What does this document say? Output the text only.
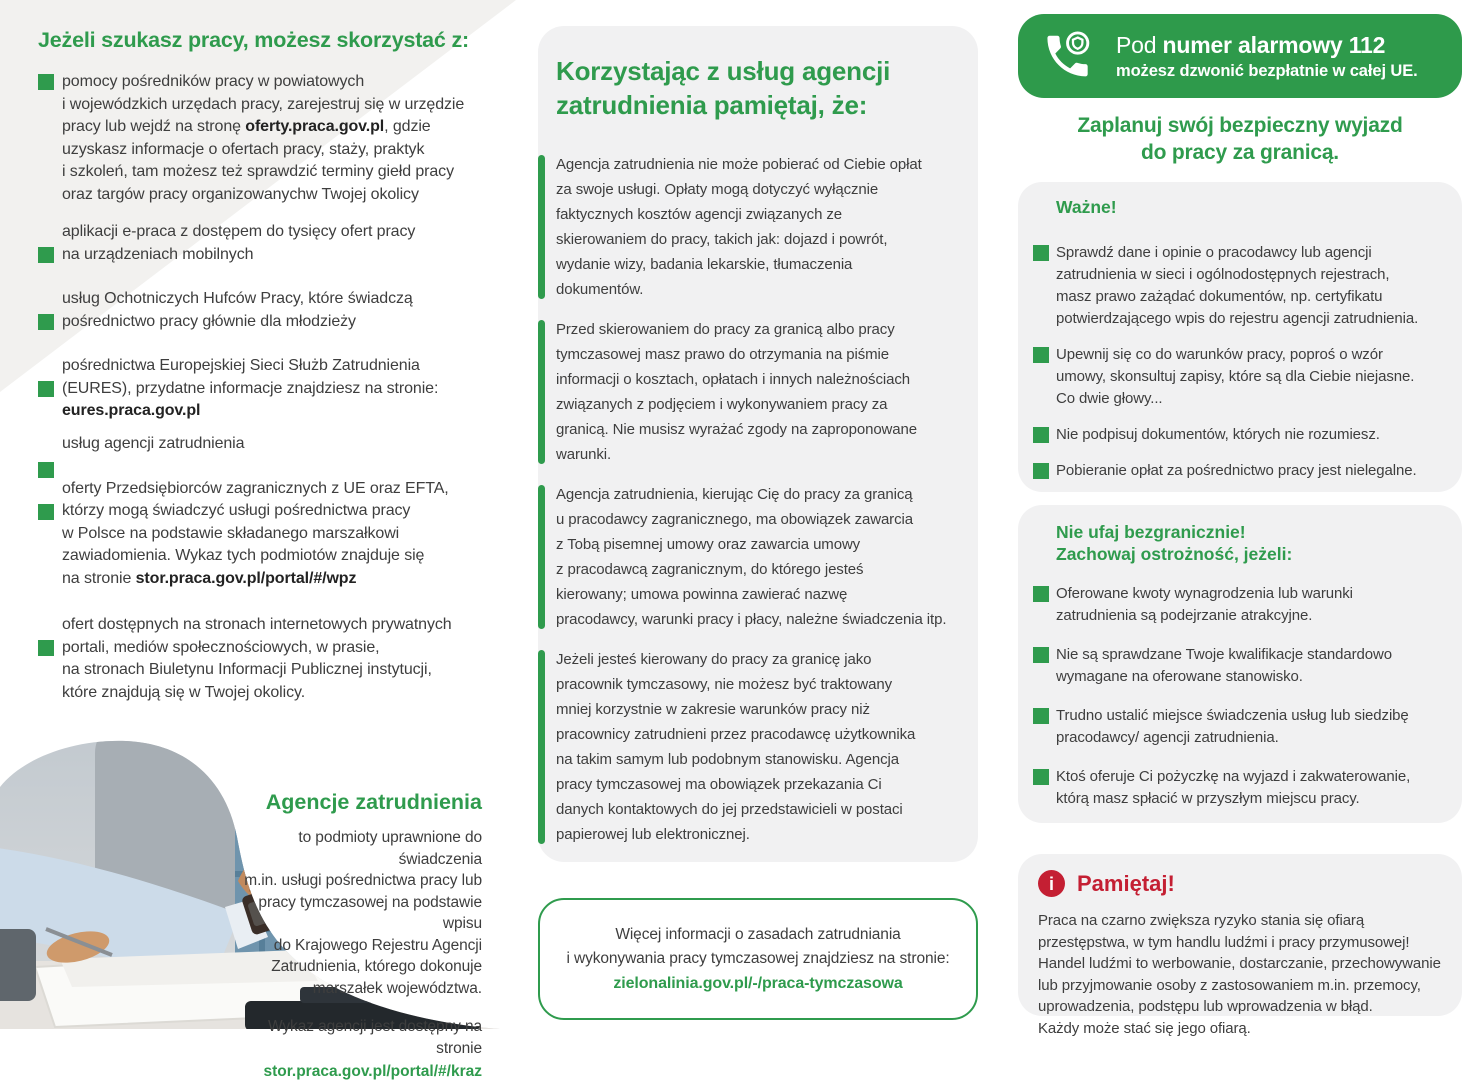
Jeżeli szukasz pracy, możesz skorzystać z:
pomocy pośredników pracy w powiatowych
i wojewódzkich urzędach pracy, zarejestruj się w urzędzie
pracy lub wejdź na stronę oferty.praca.gov.pl, gdzie
uzyskasz informacje o ofertach pracy, staży, praktyk
i szkoleń, tam możesz też sprawdzić terminy giełd pracy
oraz targów pracy organizowanychw Twojej okolicy
aplikacji e-praca z dostępem do tysięcy ofert pracy
na urządzeniach mobilnych
usług Ochotniczych Hufców Pracy, które świadczą
pośrednictwo pracy głównie dla młodzieży
pośrednictwa Europejskiej Sieci Służb Zatrudnienia
(EURES), przydatne informacje znajdziesz na stronie:
eures.praca.gov.pl
usług agencji zatrudnienia
oferty Przedsiębiorców zagranicznych z UE oraz EFTA,
którzy mogą świadczyć usługi pośrednictwa pracy
w Polsce na podstawie składanego marszałkowi
zawiadomienia. Wykaz tych podmiotów znajduje się
na stronie stor.praca.gov.pl/portal/#/wpz
ofert dostępnych na stronach internetowych prywatnych
portali, mediów społecznościowych, w prasie,
na stronach Biuletynu Informacji Publicznej instytucji,
które znajdują się w Twojej okolicy.
Agencje zatrudnienia
to podmioty uprawnione do świadczenia
m.in. usługi pośrednictwa pracy lub
pracy tymczasowej na podstawie wpisu
do Krajowego Rejestru Agencji
Zatrudnienia, którego dokonuje
marszałek województwa.
Wykaz agencji jest dostępny na stronie
stor.praca.gov.pl/portal/#/kraz
Korzystając z usług agencji
zatrudnienia pamiętaj, że:
Agencja zatrudnienia nie może pobierać od Ciebie opłat
za swoje usługi. Opłaty mogą dotyczyć wyłącznie
faktycznych kosztów agencji związanych ze
skierowaniem do pracy, takich jak: dojazd i powrót,
wydanie wizy, badania lekarskie, tłumaczenia
dokumentów.
Przed skierowaniem do pracy za granicą albo pracy
tymczasowej masz prawo do otrzymania na piśmie
informacji o kosztach, opłatach i innych należnościach
związanych z podjęciem i wykonywaniem pracy za
granicą. Nie musisz wyrażać zgody na zaproponowane
warunki.
Agencja zatrudnienia, kierując Cię do pracy za granicą
u pracodawcy zagranicznego, ma obowiązek zawarcia
z Tobą pisemnej umowy oraz zawarcia umowy
z pracodawcą zagranicznym, do którego jesteś
kierowany; umowa powinna zawierać nazwę
pracodawcy, warunki pracy i płacy, należne świadczenia itp.
Jeżeli jesteś kierowany do pracy za granicę jako
pracownik tymczasowy, nie możesz być traktowany
mniej korzystnie w zakresie warunków pracy niż
pracownicy zatrudnieni przez pracodawcę użytkownika
na takim samym lub podobnym stanowisku. Agencja
pracy tymczasowej ma obowiązek przekazania Ci
danych kontaktowych do jej przedstawicieli w postaci
papierowej lub elektronicznej.
Więcej informacji o zasadach zatrudniania
i wykonywania pracy tymczasowej znajdziesz na stronie:
zielonalinia.gov.pl/-/praca-tymczasowa
Pod numer alarmowy 112
możesz dzwonić bezpłatnie w całej UE.
Zaplanuj swój bezpieczny wyjazd
do pracy za granicą.
Ważne!
Sprawdź dane i opinie o pracodawcy lub agencji
zatrudnienia w sieci i ogólnodostępnych rejestrach,
masz prawo zażądać dokumentów, np. certyfikatu
potwierdzającego wpis do rejestru agencji zatrudnienia.
Upewnij się co do warunków pracy, poproś o wzór
umowy, skonsultuj zapisy, które są dla Ciebie niejasne.
Co dwie głowy...
Nie podpisuj dokumentów, których nie rozumiesz.
Pobieranie opłat za pośrednictwo pracy jest nielegalne.
Nie ufaj bezgranicznie!
Zachowaj ostrożność, jeżeli:
Oferowane kwoty wynagrodzenia lub warunki
zatrudnienia są podejrzanie atrakcyjne.
Nie są sprawdzane Twoje kwalifikacje standardowo
wymagane na oferowane stanowisko.
Trudno ustalić miejsce świadczenia usług lub siedzibę
pracodawcy/ agencji zatrudnienia.
Ktoś oferuje Ci pożyczkę na wyjazd i zakwaterowanie,
którą masz spłacić w przyszłym miejscu pracy.
i	Pamiętaj!
Praca na czarno zwiększa ryzyko stania się ofiarą
przestępstwa, w tym handlu ludźmi i pracy przymusowej!
Handel ludźmi to werbowanie, dostarczanie, przechowywanie
lub przyjmowanie osoby z zastosowaniem m.in. przemocy,
uprowadzenia, podstępu lub wprowadzenia w błąd.
Każdy może stać się jego ofiarą.
